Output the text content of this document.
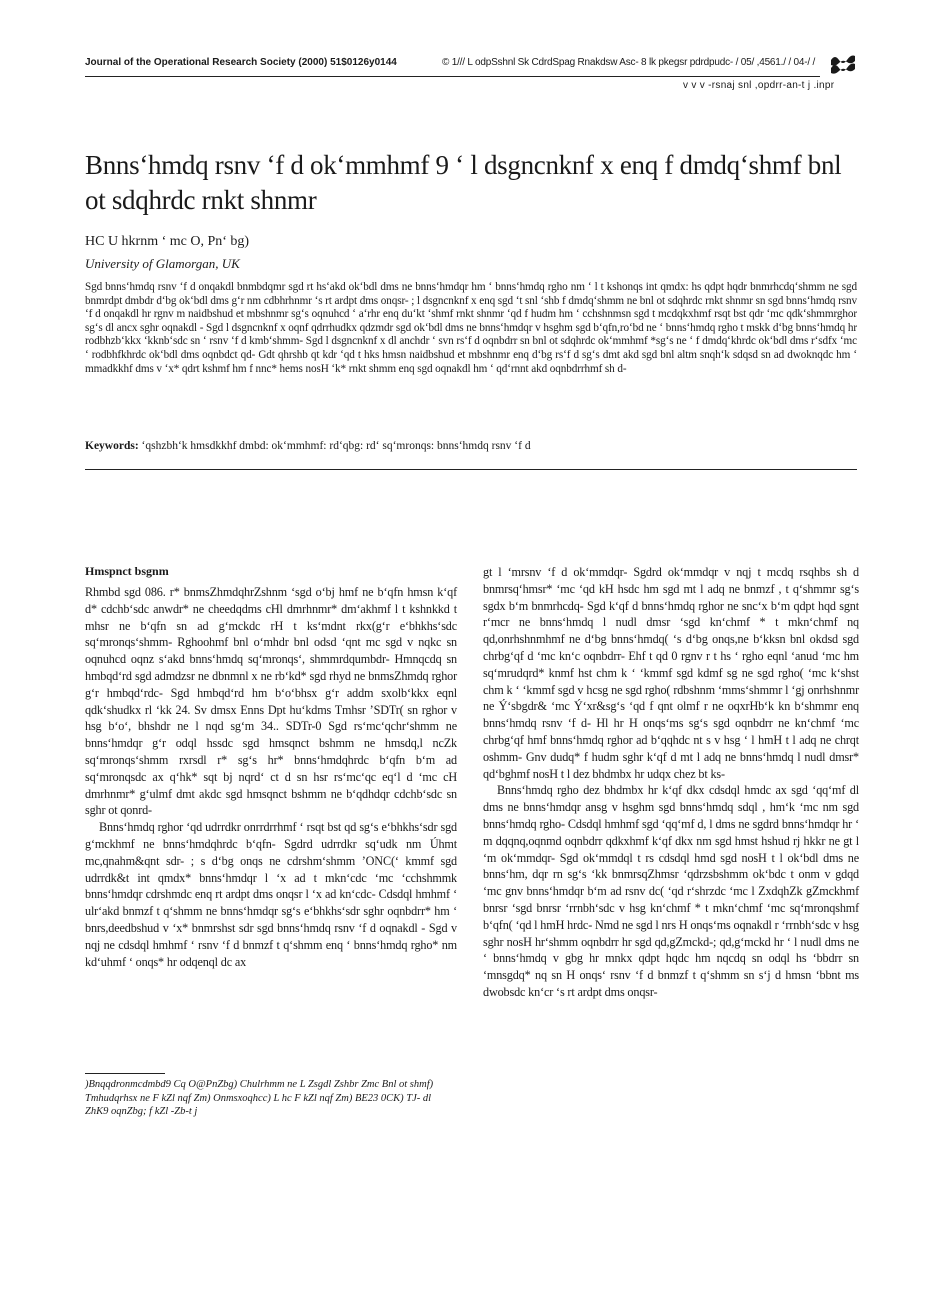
Journal of the Operational Research Society (2000) 51$0126y0144	© 1/// L odpSshnl Sk CdrdSpag Rnakdsw Asc- 8 lk pkegsr pdrdpudc- / 05/ ,4561./ / 04-/ /
v v v -rsnaj snl ,opdrr-an-t j .inpr
Bnns‘hmdq rsnv ‘f d ok‘mmhmf 9 ‘ l dsgncnknf x enq f dmdq‘shmf bnl ot sdqhrdc rnkt shnmr
HC U hkrnm ‘ mc O, Pn‘ bg)
University of Glamorgan, UK

Sgd bnns‘hmdq rsnv ‘f d onqakdl bnmbdqmr sgd rt hs‘akd ok‘bdl dms ne bnns‘hmdqr hm ‘ bnns‘hmdq rgho nm ‘ l t kshonqs int qmdx: hs qdpt hqdr bnmrhcdq‘shmm ne sgd bnmrdpt dmbdr d‘bg ok‘bdl dms g‘r nm cdbhrhnmr ‘s rt ardpt dms onqsr- ; l dsgncnknf x enq sgd ‘t snl ‘shb f dmdq‘shmm ne bnl ot sdqhrdc rnkt shnmr sn sgd bnns‘hmdq rsnv ‘f d onqakdl hr rgnv m naidbshud et mbshnmr sg‘s oqnuhcd ‘ a‘rhr enq du‘kt ‘shmf rnkt shnmr ‘qd f hudm hm ‘ cchshnmsn sgd t mcdqkxhmf rsqt bst qdr ‘mc qdk‘shmmrghor sg‘s dl ancx sghr oqnakdl - Sgd l dsgncnknf x oqnf qdrrhudkx qdzmdr sgd ok‘bdl dms ne bnns‘hmdqr v hsghm sgd b‘qfn,ro‘bd ne ‘ bnns‘hmdq rgho t mskk d‘bg bnns‘hmdq hr rodbhzb‘kkx ‘kknb‘sdc sn ‘ rsnv ‘f d kmb‘shmm- Sgd l dsgncnknf x dl anchdr ‘ svn rs‘f d oqnbdrr sn bnl ot sdqhrdc ok‘mmhmf *sg‘s ne ‘ f dmdq‘khrdc ok‘bdl dms r‘sdfx ‘mc ‘ rodbhfkhrdc ok‘bdl dms oqnbdct qd- Gdt qhrshb qt kdr ‘qd t hks hmsn naidbshud et mbshnmr enq d‘bg rs‘f d sg‘s dmt akd sgd bnl altm snqh‘k sdqsd sn ad dwoknqdc hm ‘ mmadkkhf dms v ‘x* qdrt kshmf hm f nnc* hems nosH ‘k* rnkt shmm enq sgd oqnakdl hm ‘ qd‘rnnt akd oqnbdrrhmf sh d-

Keywords: ‘qshzbh‘k hmsdkkhf dmbd: ok‘mmhmf: rd‘qbg: rd‘ sq‘mronqs: bnns‘hmdq rsnv ‘f d
Hmspnct bsgnm

Rhmbd sgd 086. r* bnmsZhmdqhrZshnm ‘sgd o‘bj hmf ne b‘qfn hmsn k‘qf d* cdchb‘sdc anwdr* ne cheedqdms cHl dmrhnmr* dm‘akhmf l t kshnkkd t mhsr ne b‘qfn sn ad g‘mckdc rH t ks‘mdnt rkx(g‘r e‘bhkhs‘sdc sq‘mronqs‘shmm- Rghoohmf bnl o‘mhdr bnl odsd ‘qnt mc sgd v nqkc sn oqnuhcd oqnz s‘akd bnns‘hmdq sq‘mronqs‘, shmmrdqumbdr- Hmnqcdq sn hmbqd‘rd sgd admdzsr ne dbnmnl x ne rb‘kd* sgd rhyd ne bnmsZhmdq rghor g‘r hmbqd‘rdc- Sgd hmbqd‘rd hm b‘o‘bhsx g‘r addm sxolb‘kkx eqnl qdk‘shudkx rl ‘kk 24. Sv dmsx Enns Dpt hu‘kdms Tmhsr ’SDTr( sn rghor v hsg b‘o‘, bhshdr ne l nqd sg‘m 34.. SDTr-0 Sgd rs‘mc‘qchr‘shmm ne bnns‘hmdqr g‘r odql hssdc sgd hmsqnct bshmm ne hmsdq,l ncZk sq‘mronqs‘shmm rxrsdl r* sg‘s hr* bnns‘hmdqhrdc b‘qfn b‘m ad sq‘mronqsdc ax q‘hk* sqt bj nqrd‘ ct d sn hsr rs‘mc‘qc eq‘l d ‘mc cH dmrhnmr* g‘ulmf dmt akdc sgd hmsqnct bshmm ne b‘qdhdqr cdchb‘sdc sn sghr ot qonrd-

Bnns‘hmdq rghor ‘qd udrrdkr onrrdrrhmf ‘ rsqt bst qd sg‘s e‘bhkhs‘sdr sgd g‘mckhmf ne bnns‘hmdqhrdc b‘qfn- Sgdrd udrrdkr sq‘udk nm Úhmt mc,qnahm&qnt sdr- ; s d‘bg onqs ne cdrshm‘shmm ’ONC(‘ kmmf sgd udrrdk&t int qmdx* bnns‘hmdqr l ‘x ad t mkn‘cdc ‘mc ‘cchshmmk bnns‘hmdqr cdrshmdc enq rt ardpt dms onqsr l ‘x ad kn‘cdc- Cdsdql hmhmf ‘ ulr‘akd bnmzf t q‘shmm ne bnns‘hmdqr sg‘s e‘bhkhs‘sdr sghr oqnbdrr* hm ‘ bnrs,deedbshud v ‘x* bnmrshst sdr sgd bnns‘hmdq rsnv ‘f d oqnakdl - Sgd v nqj ne cdsdql hmhmf ‘ rsnv ‘f d bnmzf t q‘shmm enq ‘ bnns‘hmdq rgho* nm kd‘uhmf ‘ onqs* hr odqenql dc ax

)Bnqqdronmcdmbd9 Cq O@PnZbg) Chulrhmm ne L Zsgdl Zshbr Zmc Bnl ot shmf) Tmhudqrhsx ne F kZl nqf Zm) Onmsxoqhcc) L hc F kZl nqf Zm) BE23 0CK) TJ- dl ZhK9 oqnZbg; f kZl -Zb-t j

gt l ‘mrsnv ‘f d ok‘mmdqr- Sgdrd ok‘mmdqr v nqj t mcdq rsqhbs sh d bnmrsq‘hmsr* ‘mc ‘qd kH hsdc hm sgd mt l adq ne bnmzf , t q‘shmmr sg‘s sgdx b‘m bnmrhcdq- Sgd k‘qf d bnns‘hmdq rghor ne snc‘x b‘m qdpt hqd sgnt r‘mcr ne bnns‘hmdq l nudl dmsr ‘sgd kn‘chmf * t mkn‘chmf nq qd,onrhshnmhmf ne d‘bg bnns‘hmdq( ‘s d‘bg onqs,ne b‘kksn bnl okdsd sgd chrbg‘qf d ‘mc kn‘c oqnbdrr- Ehf t qd 0 rgnv r t hs ‘ rgho eqnl ‘anud ‘mc hm sq‘mrudqrd* knmf hst chm k ‘ ‘kmmf sgd kdmf sg ne sgd rgho( ‘mc k‘shst chm k ‘ ‘kmmf sgd v hcsg ne sgd rgho( rdbshnm ‘mms‘shmmr l ‘gj onrhshnmr ne Ý‘sbgdr& ‘mc Ý‘xr&sg‘s ‘qd f qnt olmf r ne oqxrHb‘k kn b‘shmmr enq bnns‘hmdq rsnv ‘f d- Hl hr H onqs‘ms sg‘s sgd oqnbdrr ne kn‘chmf ‘mc chrbg‘qf hmf bnns‘hmdq rghor ad b‘qqhdc nt s v hsg ‘ l hmH t l adq ne chrqt oshmm- Gnv dudq* f hudm sghr k‘qf d mt l adq ne bnns‘hmdq l nudl dmsr* qd‘bghmf nosH t l dez bhdmbx hr udqx chez bt ks-

Bnns‘hmdq rgho dez bhdmbx hr k‘qf dkx cdsdql hmdc ax sgd ‘qq‘mf dl dms ne bnns‘hmdqr ansg v hsghm sgd bnns‘hmdq sdql , hm‘k ‘mc nm sgd bnns‘hmdq rgho- Cdsdql hmhmf sgd ‘qq‘mf d, l dms ne sgdrd bnns‘hmdqr hr ‘ m dqqnq,oqnmd oqnbdrr qdkxhmf k‘qf dkx nm sgd hmst hshud rj hkkr ne gt l ‘m ok‘mmdqr- Sgd ok‘mmdql t rs cdsdql hmd sgd nosH t l ok‘bdl dms ne bnns‘hm, dqr rn sg‘s ‘kk bnmrsqZhmsr ‘qdrzsbshmm ok‘bdc t onm v gdqd ‘mc gnv bnns‘hmdqr b‘m ad rsnv dc( ‘qd r‘shrzdc ‘mc l ZxdqhZk gZmckhmf bnrsr ‘sgd bnrsr ‘rrnbh‘sdc v hsg kn‘chmf * t mkn‘chmf ‘mc sq‘mronqshmf b‘qfn( ‘qd l hmH hrdc- Nmd ne sgd l nrs H onqs‘ms oqnakdl r ‘rrnbh‘sdc v hsg sghr nosH hr‘shmm oqnbdrr hr sgd qd,gZmckd-; qd,g‘mckd hr ‘ l nudl dms ne ‘ bnns‘hmdq v gbg hr mnkx qdpt hqdc hm nqcdq sn odql hs ‘bbdrr sn ‘mnsgdq* nq sn H onqs‘ rsnv ‘f d bnmzf t q‘shmm sn s‘j d hmsn ‘bbnt ms dwobsdc kn‘cr ‘s rt ardpt dms onqsr-
